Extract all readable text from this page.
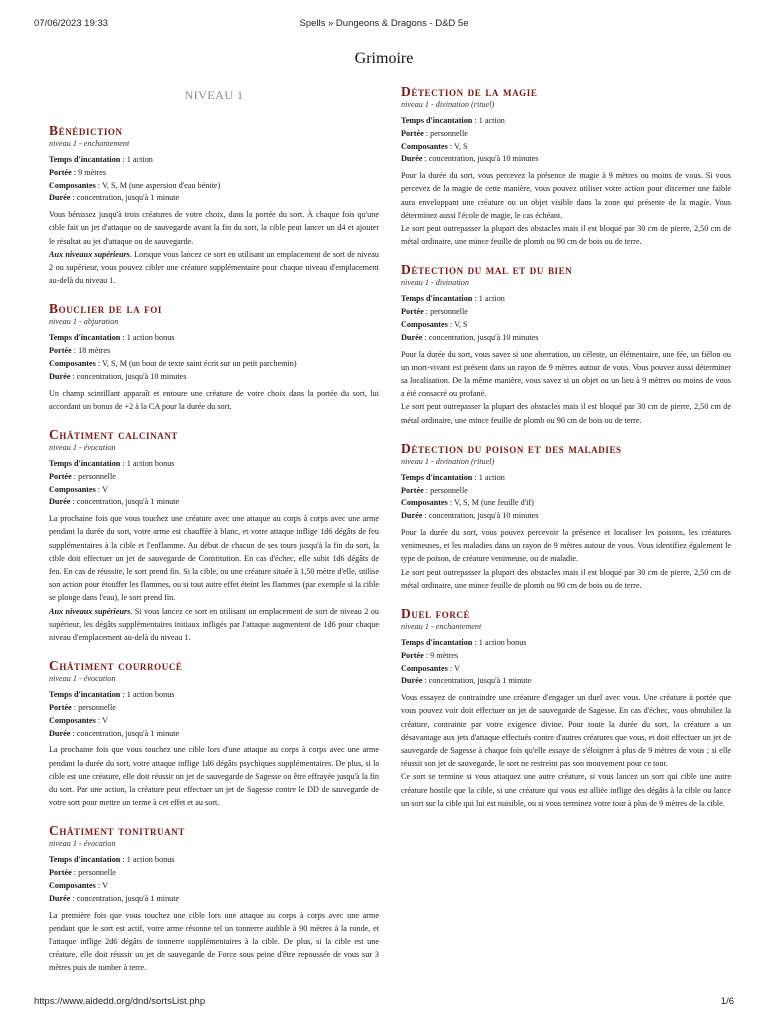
07/06/2023 19:33	Spells » Dungeons & Dragons - D&D 5e
Grimoire
NIVEAU 1
Bénédiction
niveau 1 - enchantement
Temps d'incantation : 1 action
Portée : 9 mètres
Composantes : V, S, M (une aspersion d'eau bénite)
Durée : concentration, jusqu'à 1 minute

Vous bénissez jusqu'à trois créatures de votre choix, dans la portée du sort. À chaque fois qu'une cible fait un jet d'attaque ou de sauvegarde avant la fin du sort, la cible peut lancer un d4 et ajouter le résultat au jet d'attaque ou de sauvegarde.

Aux niveaux supérieurs. Lorsque vous lancez ce sort en utilisant un emplacement de sort de niveau 2 ou supérieur, vous pouvez cibler une créature supplémentaire pour chaque niveau d'emplacement au-delà du niveau 1.

Bouclier de la foi
niveau 1 - abjuration
Temps d'incantation : 1 action bonus
Portée : 18 mètres
Composantes : V, S, M (un bout de texte saint écrit sur un petit parchemin)
Durée : concentration, jusqu'à 10 minutes

Un champ scintillant apparaît et entoure une créature de votre choix dans la portée du sort, lui accordant un bonus de +2 à la CA pour la durée du sort.

Châtiment calcinant
niveau 1 - évocation
Temps d'incantation : 1 action bonus
Portée : personnelle
Composantes : V
Durée : concentration, jusqu'à 1 minute

La prochaine fois que vous touchez une créature avec une attaque au corps à corps avec une arme pendant la durée du sort, votre arme est chauffée à blanc, et votre attaque inflige 1d6 dégâts de feu supplémentaires à la cible et l'enflamme. Au début de chacun de ses tours jusqu'à la fin du sort, la cible doit effectuer un jet de sauvegarde de Constitution. En cas d'échec, elle subit 1d6 dégâts de feu. En cas de réussite, le sort prend fin. Si la cible, ou une créature située à 1,50 mètre d'elle, utilise son action pour étouffer les flammes, ou si tout autre effet éteint les flammes (par exemple si la cible se plonge dans l'eau), le sort prend fin.

Aux niveaux supérieurs. Si vous lancez ce sort en utilisant un emplacement de sort de niveau 2 ou supérieur, les dégâts supplémentaires initiaux infligés par l'attaque augmentent de 1d6 pour chaque niveau d'emplacement au-delà du niveau 1.

Châtiment courroucé
niveau 1 - évocation
Temps d'incantation : 1 action bonus
Portée : personnelle
Composantes : V
Durée : concentration, jusqu'à 1 minute

La prochaine fois que vous touchez une cible lors d'une attaque au corps à corps avec une arme pendant la durée du sort, votre attaque inflige 1d6 dégâts psychiques supplémentaires. De plus, si la cible est une créature, elle doit réussir un jet de sauvegarde de Sagesse ou être effrayée jusqu'à la fin du sort. Par une action, la créature peut effectuer un jet de Sagesse contre le DD de sauvegarde de votre sort pour mettre un terme à cet effet et au sort.

Châtiment tonitruant
niveau 1 - évocation
Temps d'incantation : 1 action bonus
Portée : personnelle
Composantes : V
Durée : concentration, jusqu'à 1 minute

La première fois que vous touchez une cible lors une attaque au corps à corps avec une arme pendant que le sort est actif, votre arme résonne tel un tonnerre audible à 90 mètres à la ronde, et l'attaque inflige 2d6 dégâts de tonnerre supplémentaires à la cible. De plus, si la cible est une créature, elle doit réussir un jet de sauvegarde de Force sous peine d'être repoussée de vous sur 3 mètres puis de tomber à terre.

Détection de la magie
niveau 1 - divination (rituel)
Temps d'incantation : 1 action
Portée : personnelle
Composantes : V, S
Durée : concentration, jusqu'à 10 minutes

Pour la durée du sort, vous percevez la présence de magie à 9 mètres ou moins de vous. Si vous percevez de la magie de cette manière, vous pouvez utiliser votre action pour discerner une faible aura enveloppant une créature ou un objet visible dans la zone qui présente de la magie. Vous déterminez aussi l'école de magie, le cas échéant.

Le sort peut outrepasser la plupart des obstacles mais il est bloqué par 30 cm de pierre, 2,50 cm de métal ordinaire, une mince feuille de plomb ou 90 cm de bois ou de terre.

Détection du mal et du bien
niveau 1 - divination
Temps d'incantation : 1 action
Portée : personnelle
Composantes : V, S
Durée : concentration, jusqu'à 10 minutes

Pour la durée du sort, vous savez si une aberration, un céleste, un élémentaire, une fée, un fiélon ou un mort-vivant est présent dans un rayon de 9 mètres autour de vous. Vous pouvez aussi déterminer sa localisation. De la même manière, vous savez si un objet ou un lieu à 9 mètres ou moins de vous a été consacré ou profané.

Le sort peut outrepasser la plupart des obstacles mais il est bloqué par 30 cm de pierre, 2,50 cm de métal ordinaire, une mince feuille de plomb ou 90 cm de bois ou de terre.

Détection du poison et des maladies
niveau 1 - divination (rituel)
Temps d'incantation : 1 action
Portée : personnelle
Composantes : V, S, M (une feuille d'if)
Durée : concentration, jusqu'à 10 minutes

Pour la durée du sort, vous pouvez percevoir la présence et localiser les poisons, les créatures venimeuses, et les maladies dans un rayon de 9 mètres autour de vous. Vous identifiez également le type de poison, de créature venimeuse, ou de maladie.

Le sort peut outrepasser la plupart des obstacles mais il est bloqué par 30 cm de pierre, 2,50 cm de métal ordinaire, une mince feuille de plomb ou 90 cm de bois ou de terre.

Duel forcé
niveau 1 - enchantement
Temps d'incantation : 1 action bonus
Portée : 9 mètres
Composantes : V
Durée : concentration, jusqu'à 1 minute

Vous essayez de contraindre une créature d'engager un duel avec vous. Une créature à portée que vous pouvez voir doit effectuer un jet de sauvegarde de Sagesse. En cas d'échec, vous obnubilez la créature, contrainte par votre exigence divine. Pour toute la durée du sort, la créature a un désavantage aux jets d'attaque effectués contre d'autres créatures que vous, et doit effectuer un jet de sauvegarde de Sagesse à chaque fois qu'elle essaye de s'éloigner à plus de 9 mètres de vous ; si elle réussit son jet de sauvegarde, le sort ne restreint pas son mouvement pour ce tour.

Ce sort se termine si vous attaquez une autre créature, si vous lancez un sort qui cible une autre créature hostile que la cible, si une créature qui vous est alliée inflige des dégâts à la cible ou lance un sort sur la cible qui lui est nuisible, ou si vous terminez votre tour à plus de 9 mètres de la cible.

https://www.aidedd.org/dnd/sortsList.php	1/6
